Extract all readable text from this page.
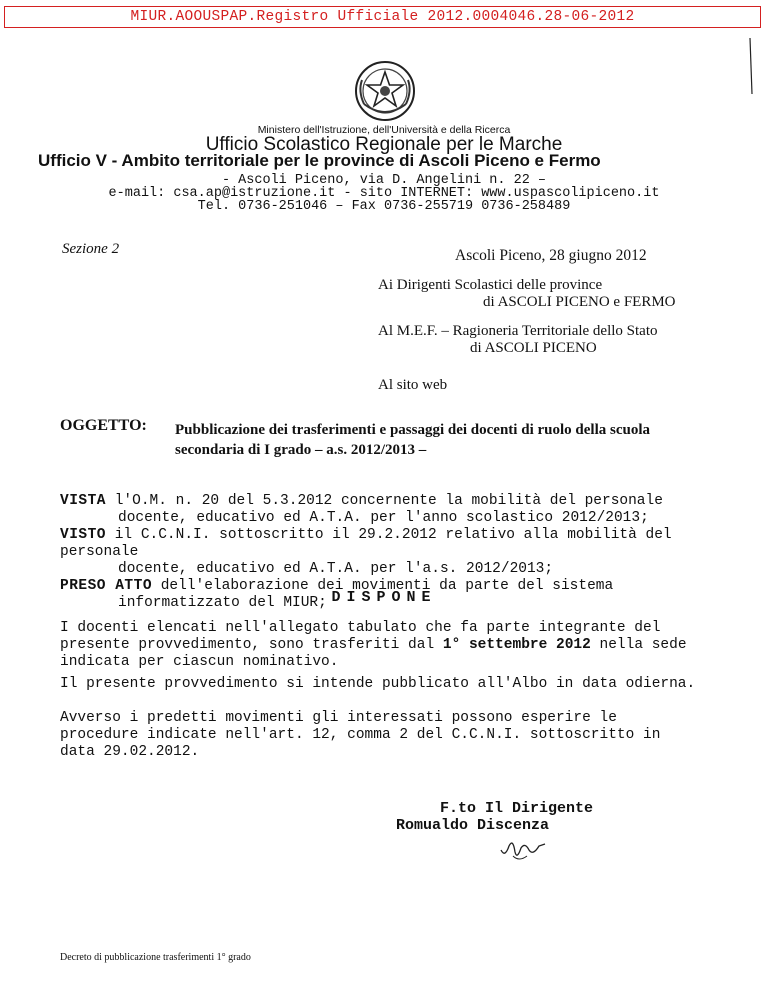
MIUR.AOOUSPAP.Registro Ufficiale 2012.0004046.28-06-2012
Ministero dell'Istruzione, dell'Università e della Ricerca
Ufficio Scolastico Regionale per le Marche
Ufficio V - Ambito territoriale per le province di Ascoli Piceno e Fermo
- Ascoli Piceno, via D. Angelini n. 22 –
e-mail: csa.ap@istruzione.it - sito INTERNET: www.uspascolipiceno.it
Tel. 0736-251046 – Fax 0736-255719 0736-258489
Sezione 2	Ascoli Piceno, 28 giugno 2012
Ai Dirigenti Scolastici delle province
di ASCOLI PICENO e FERMO
Al M.E.F. – Ragioneria Territoriale dello Stato
di ASCOLI PICENO
Al sito web
OGGETTO: Pubblicazione dei trasferimenti e passaggi dei docenti di ruolo della scuola secondaria di I grado – a.s. 2012/2013 –
VISTA l'O.M. n. 20 del 5.3.2012 concernente la mobilità del personale
docente, educativo ed A.T.A. per l'anno scolastico 2012/2013;
VISTO il C.C.N.I. sottoscritto il 29.2.2012 relativo alla mobilità del personale
docente, educativo ed A.T.A. per l'a.s. 2012/2013;
PRESO ATTO dell'elaborazione dei movimenti da parte del sistema
informatizzato del MIUR; DISPONE
I docenti elencati nell'allegato tabulato che fa parte integrante del presente provvedimento, sono trasferiti dal 1° settembre 2012 nella sede indicata per ciascun nominativo.
Il presente provvedimento si intende pubblicato all'Albo in data odierna.
Avverso i predetti movimenti gli interessati possono esperire le procedure indicate nell'art. 12, comma 2 del C.C.N.I. sottoscritto in data 29.02.2012.
F.to Il Dirigente
Romualdo Discenza
Decreto di pubblicazione trasferimenti 1° grado
